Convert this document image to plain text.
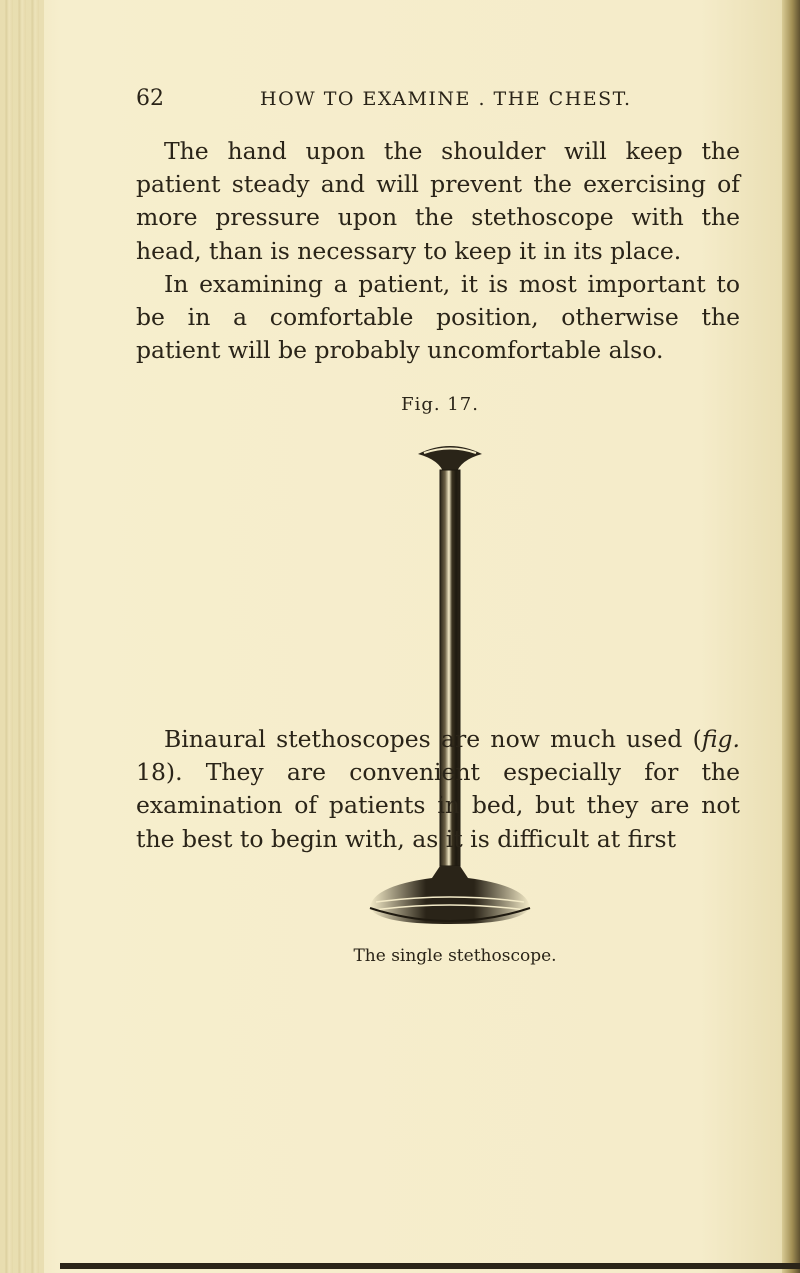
62	HOW TO EXAMINE . THE CHEST.

The hand upon the shoulder will keep the patient steady and will prevent the exercising of more pressure upon the stethoscope with the head, than is necessary to keep it in its place.

In examining a patient, it is most important to be in a comfortable position, otherwise the patient will be probably uncomfortable also.

Fig. 17.
The single stethoscope.

Binaural stethoscopes are now much used (fig. 18). They are convenient especially for the examination of patients in bed, but they are not the best to begin with, as it is difficult at first
